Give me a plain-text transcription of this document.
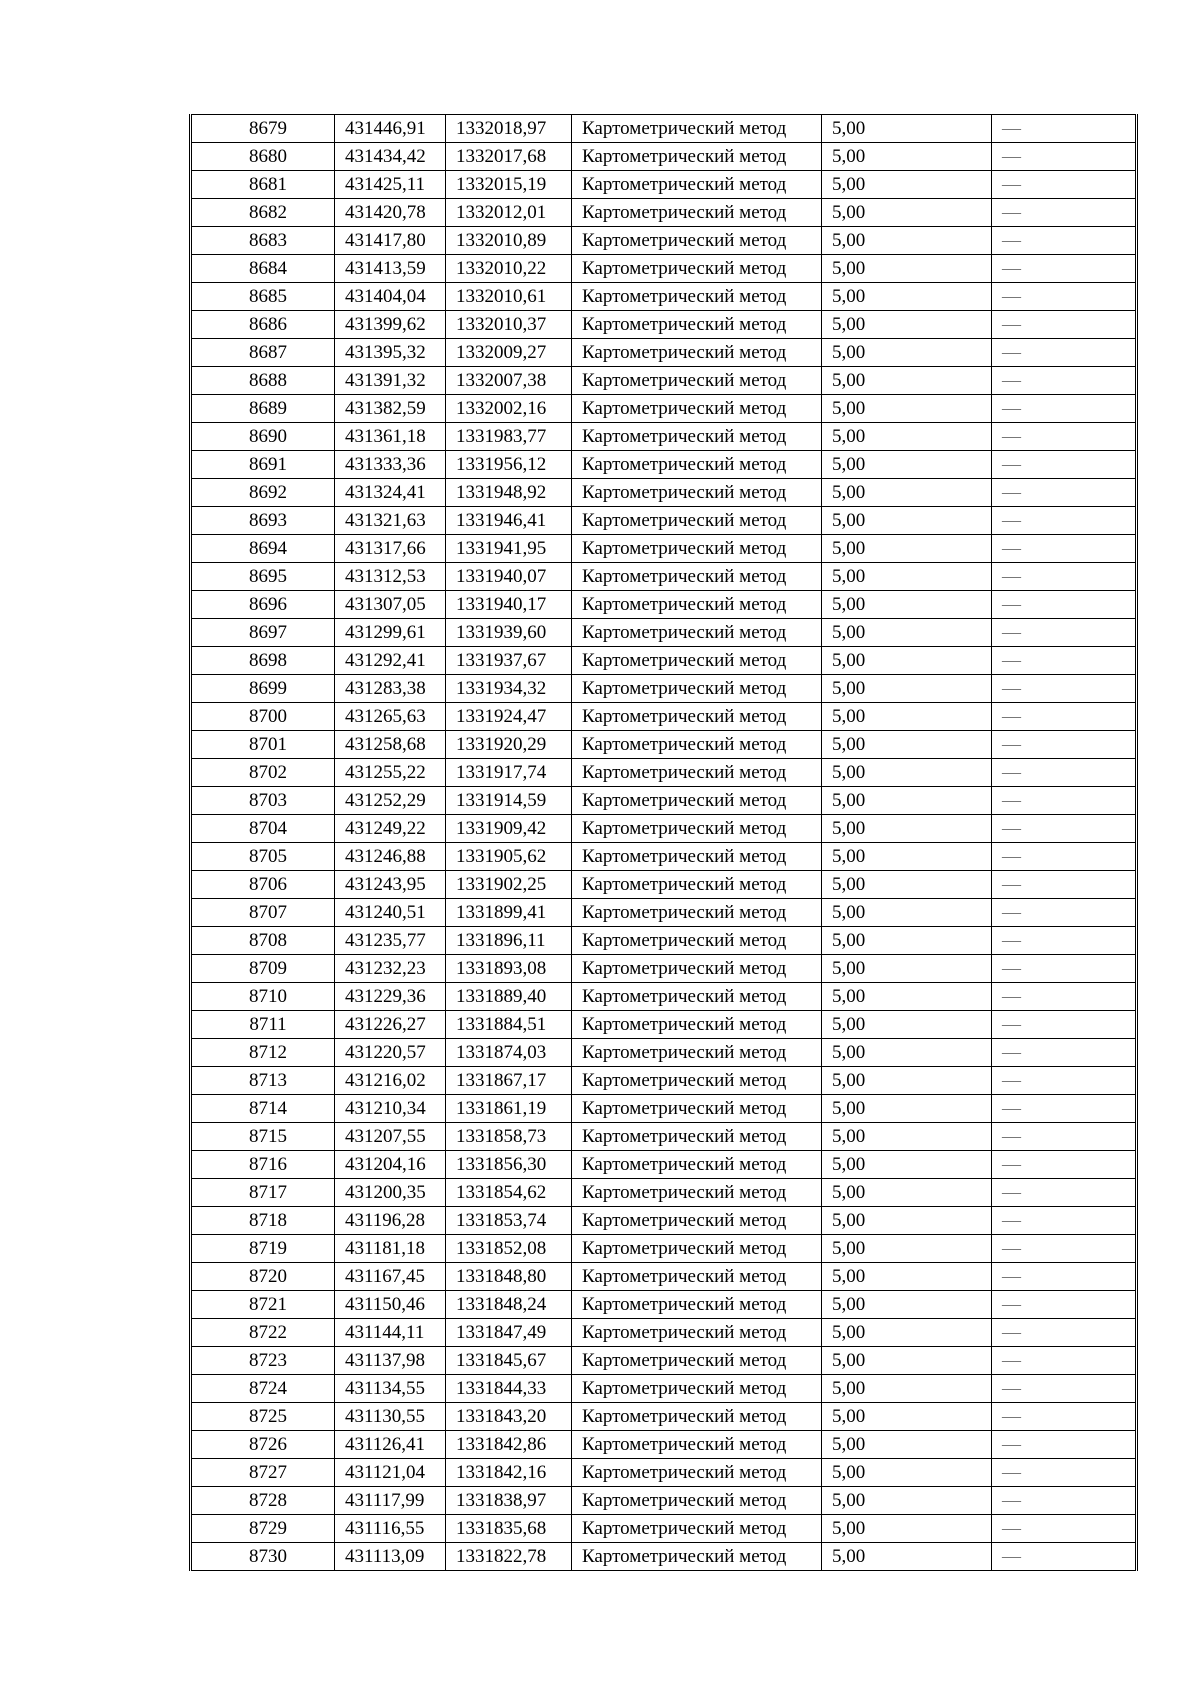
8679	431446,91	1332018,97	Картометрический метод	5,00	—
8680	431434,42	1332017,68	Картометрический метод	5,00	—
8681	431425,11	1332015,19	Картометрический метод	5,00	—
8682	431420,78	1332012,01	Картометрический метод	5,00	—
8683	431417,80	1332010,89	Картометрический метод	5,00	—
8684	431413,59	1332010,22	Картометрический метод	5,00	—
8685	431404,04	1332010,61	Картометрический метод	5,00	—
8686	431399,62	1332010,37	Картометрический метод	5,00	—
8687	431395,32	1332009,27	Картометрический метод	5,00	—
8688	431391,32	1332007,38	Картометрический метод	5,00	—
8689	431382,59	1332002,16	Картометрический метод	5,00	—
8690	431361,18	1331983,77	Картометрический метод	5,00	—
8691	431333,36	1331956,12	Картометрический метод	5,00	—
8692	431324,41	1331948,92	Картометрический метод	5,00	—
8693	431321,63	1331946,41	Картометрический метод	5,00	—
8694	431317,66	1331941,95	Картометрический метод	5,00	—
8695	431312,53	1331940,07	Картометрический метод	5,00	—
8696	431307,05	1331940,17	Картометрический метод	5,00	—
8697	431299,61	1331939,60	Картометрический метод	5,00	—
8698	431292,41	1331937,67	Картометрический метод	5,00	—
8699	431283,38	1331934,32	Картометрический метод	5,00	—
8700	431265,63	1331924,47	Картометрический метод	5,00	—
8701	431258,68	1331920,29	Картометрический метод	5,00	—
8702	431255,22	1331917,74	Картометрический метод	5,00	—
8703	431252,29	1331914,59	Картометрический метод	5,00	—
8704	431249,22	1331909,42	Картометрический метод	5,00	—
8705	431246,88	1331905,62	Картометрический метод	5,00	—
8706	431243,95	1331902,25	Картометрический метод	5,00	—
8707	431240,51	1331899,41	Картометрический метод	5,00	—
8708	431235,77	1331896,11	Картометрический метод	5,00	—
8709	431232,23	1331893,08	Картометрический метод	5,00	—
8710	431229,36	1331889,40	Картометрический метод	5,00	—
8711	431226,27	1331884,51	Картометрический метод	5,00	—
8712	431220,57	1331874,03	Картометрический метод	5,00	—
8713	431216,02	1331867,17	Картометрический метод	5,00	—
8714	431210,34	1331861,19	Картометрический метод	5,00	—
8715	431207,55	1331858,73	Картометрический метод	5,00	—
8716	431204,16	1331856,30	Картометрический метод	5,00	—
8717	431200,35	1331854,62	Картометрический метод	5,00	—
8718	431196,28	1331853,74	Картометрический метод	5,00	—
8719	431181,18	1331852,08	Картометрический метод	5,00	—
8720	431167,45	1331848,80	Картометрический метод	5,00	—
8721	431150,46	1331848,24	Картометрический метод	5,00	—
8722	431144,11	1331847,49	Картометрический метод	5,00	—
8723	431137,98	1331845,67	Картометрический метод	5,00	—
8724	431134,55	1331844,33	Картометрический метод	5,00	—
8725	431130,55	1331843,20	Картометрический метод	5,00	—
8726	431126,41	1331842,86	Картометрический метод	5,00	—
8727	431121,04	1331842,16	Картометрический метод	5,00	—
8728	431117,99	1331838,97	Картометрический метод	5,00	—
8729	431116,55	1331835,68	Картометрический метод	5,00	—
8730	431113,09	1331822,78	Картометрический метод	5,00	—
